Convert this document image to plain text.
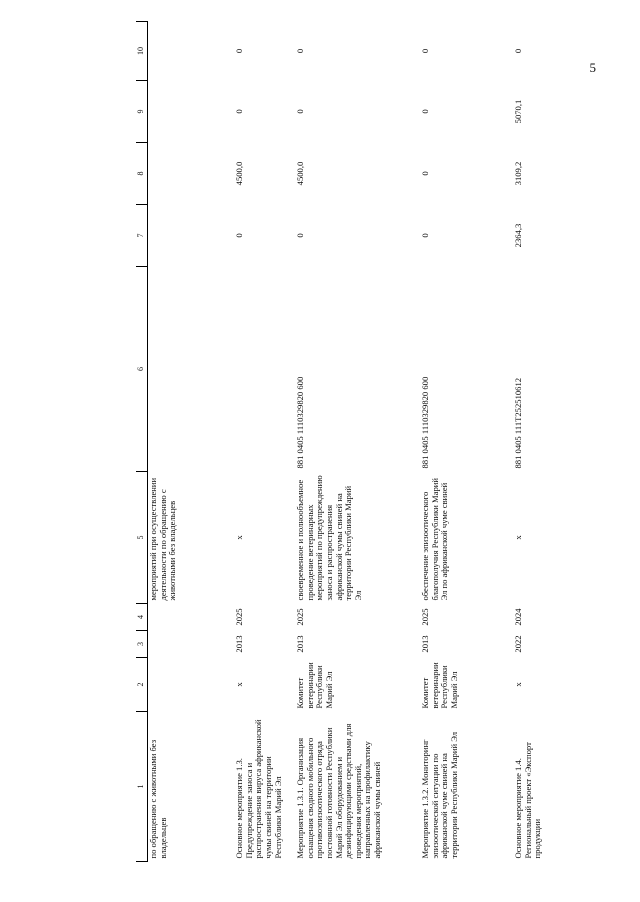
5
1	2	3	4	5	6	7	8	9	10
по обращению с животными без владельцев				мероприятий при осуществлении деятельности по обращению с животными без владельцев					
Основное мероприятие 1.3. Предупреждение заноса и распространения вируса африканской чумы свиней на территории Республики Марий Эл	х	2013	2025	х		0	4500,0	0	0
Мероприятие 1.3.1. Организация оснащения сводного мобильного противоэпизоотического отряда постоянной готовности Республики Марий Эл оборудованием и дезинфицирующими средствами для проведения мероприятий, направленных на профилактику африканской чумы свиней	Комитет ветеринарии Республики Марий Эл	2013	2025	своевременное и полнообъемное проведение ветеринарных мероприятий по предупреждению заноса и распространения африканской чумы свиней на территории Республики Марий Эл	881 0405 1110329820 600	0	4500,0	0	0
Мероприятие 1.3.2. Мониторинг эпизоотической ситуации по африканской чуме свиней на территории Республики Марий Эл	Комитет ветеринарии Республики Марий Эл	2013	2025	обеспечение эпизоотического благополучия Республики Марий Эл по африканской чуме свиней	881 0405 1110329820 600	0	0	0	0
Основное мероприятие 1.4. Региональный проект «Экспорт продукции	х	2022	2024	х	881 0405 111Т252510612	2364,3	3109,2	5070,1	0
